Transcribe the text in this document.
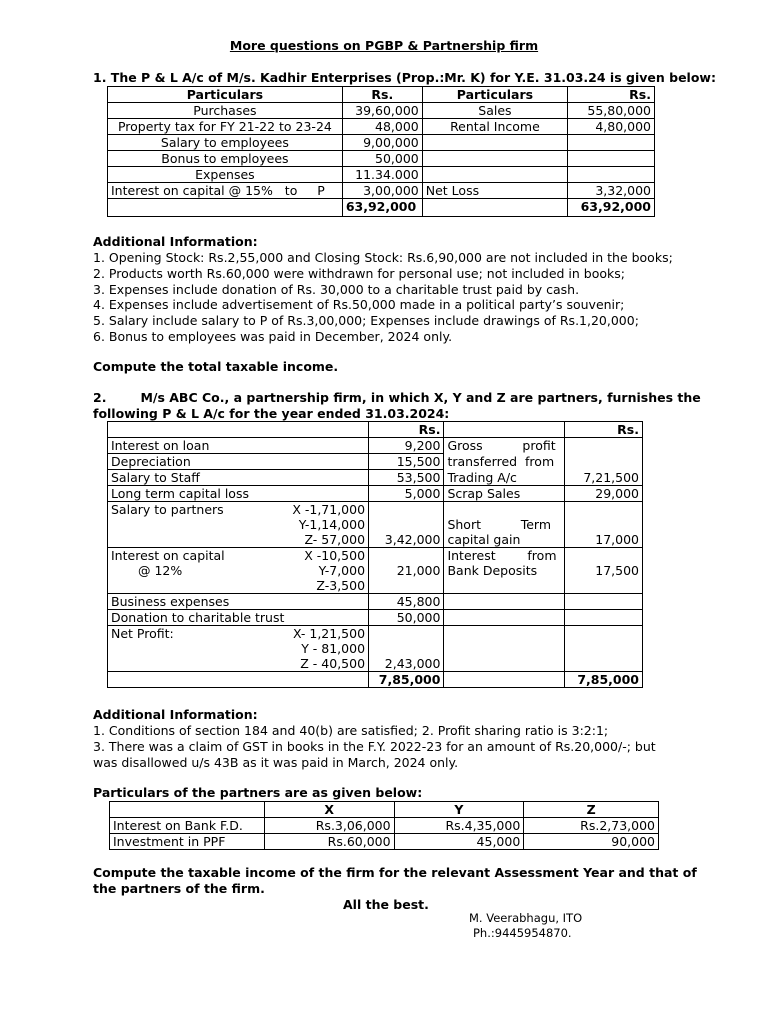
More questions on PGBP & Partnership firm
1. The P & L A/c of M/s. Kadhir Enterprises (Prop.:Mr. K) for Y.E. 31.03.24 is given below:
Particulars	Rs.	Particulars	Rs.
Purchases	39,60,000	Sales	55,80,000
Property tax for FY 21-22 to 23-24	48,000	Rental Income	4,80,000
Salary to employees	9,00,000		
Bonus to employees	50,000		
Expenses	11.34.000		
Interest on capital @ 15%   to     P	3,00,000	Net Loss	3,32,000
	63,92,000		63,92,000
Additional Information:
1. Opening Stock: Rs.2,55,000 and Closing Stock: Rs.6,90,000 are not included in the books;
2. Products worth Rs.60,000 were withdrawn for personal use; not included in books;
3. Expenses include donation of Rs. 30,000 to a charitable trust paid by cash.
4. Expenses include advertisement of Rs.50,000 made in a political party’s souvenir;
5. Salary include salary to P of Rs.3,00,000; Expenses include drawings of Rs.1,20,000;
6. Bonus to employees was paid in December, 2024 only.
Compute the total taxable income.
2.	M/s ABC Co., a partnership firm, in which X, Y and Z are partners, furnishes the
following P & L A/c for the year ended 31.03.2024:
		Rs.		Rs.
Interest on loan		9,200	Gross          profit	
Depreciation		15,500	transferred  from	
Salary to Staff		53,500	Trading A/c	7,21,500
Long term capital loss		5,000	Scrap Sales	29,000
Salary to partners	X -1,71,000			
	Y-1,14,000		Short          Term	
	Z- 57,000	3,42,000	capital gain	17,000
Interest on capital	X -10,500		Interest        from	
@ 12%	Y-7,000	21,000	Bank Deposits	17,500
	Z-3,500			
Business expenses		45,800		
Donation to charitable trust		50,000		
Net Profit:	X- 1,21,500			
	Y - 81,000			
	Z - 40,500	2,43,000		
		7,85,000		7,85,000
Additional Information:
1. Conditions of section 184 and 40(b) are satisfied; 2. Profit sharing ratio is 3:2:1;
3. There was a claim of GST in books in the F.Y. 2022-23 for an amount of Rs.20,000/-; but
was disallowed u/s 43B as it was paid in March, 2024 only.
Particulars of the partners are as given below:
	X	Y	Z
Interest on Bank F.D.	Rs.3,06,000	Rs.4,35,000	Rs.2,73,000
Investment in PPF	Rs.60,000	45,000	90,000
Compute the taxable income of the firm for the relevant Assessment Year and that of
the partners of the firm.
All the best.
M. Veerabhagu, ITO
Ph.:9445954870.
